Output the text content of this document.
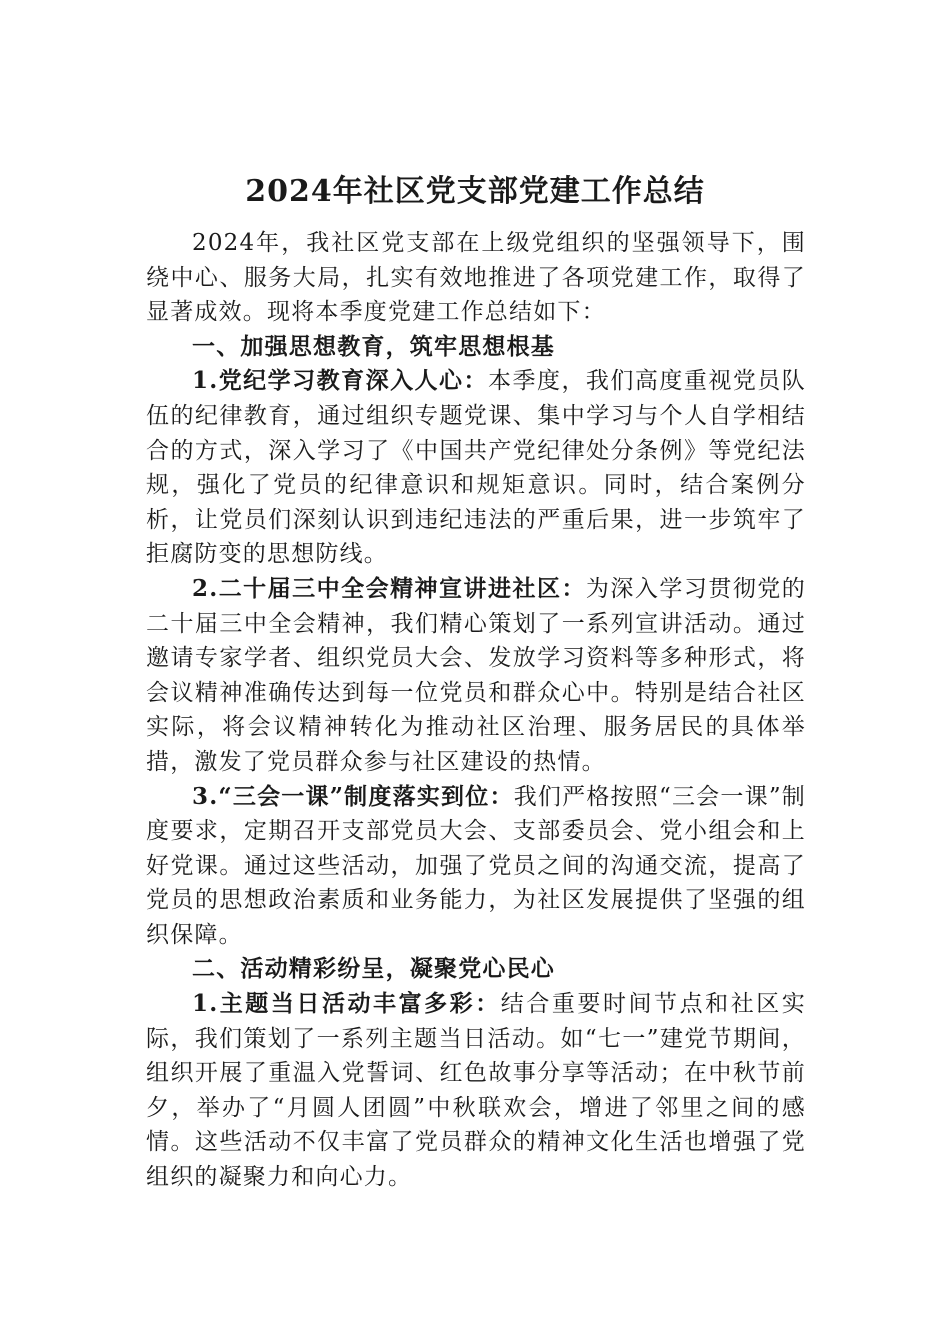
2024年社区党支部党建工作总结

2024年，我社区党支部在上级党组织的坚强领导下，围绕中心、服务大局，扎实有效地推进了各项党建工作，取得了显著成效。现将本季度党建工作总结如下：

一、加强思想教育，筑牢思想根基

1.党纪学习教育深入人心：本季度，我们高度重视党员队伍的纪律教育，通过组织专题党课、集中学习与个人自学相结合的方式，深入学习了《中国共产党纪律处分条例》等党纪法规，强化了党员的纪律意识和规矩意识。同时，结合案例分析，让党员们深刻认识到违纪违法的严重后果，进一步筑牢了拒腐防变的思想防线。

2.二十届三中全会精神宣讲进社区：为深入学习贯彻党的二十届三中全会精神，我们精心策划了一系列宣讲活动。通过邀请专家学者、组织党员大会、发放学习资料等多种形式，将会议精神准确传达到每一位党员和群众心中。特别是结合社区实际，将会议精神转化为推动社区治理、服务居民的具体举措，激发了党员群众参与社区建设的热情。

3.“三会一课”制度落实到位：我们严格按照“三会一课”制度要求，定期召开支部党员大会、支部委员会、党小组会和上好党课。通过这些活动，加强了党员之间的沟通交流，提高了党员的思想政治素质和业务能力，为社区发展提供了坚强的组织保障。

二、活动精彩纷呈，凝聚党心民心

1.主题当日活动丰富多彩：结合重要时间节点和社区实际，我们策划了一系列主题当日活动。如“七一”建党节期间，组织开展了重温入党誓词、红色故事分享等活动；在中秋节前夕，举办了“月圆人团圆”中秋联欢会，增进了邻里之间的感情。这些活动不仅丰富了党员群众的精神文化生活也增强了党组织的凝聚力和向心力。
